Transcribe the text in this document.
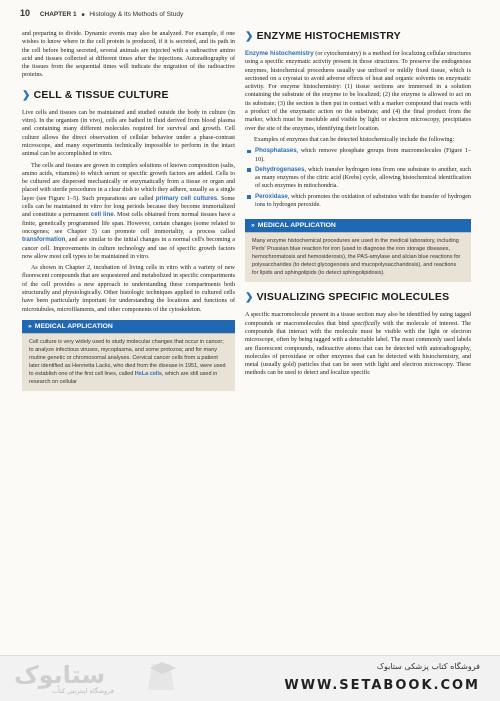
10 CHAPTER 1 ■ Histology & Its Methods of Study

and preparing to divide. Dynamic events may also be analyzed. For example, if one wishes to know where in the cell protein is produced, if it is secreted, and its path in the cell before being secreted, several animals are injected with a radioactive amino acid and tissues collected at different times after the injections. Autoradiography of the tissues from the sequential times will indicate the migration of the radioactive proteins.

❯ CELL & TISSUE CULTURE

Live cells and tissues can be maintained and studied outside the body in culture (in vitro). In the organism (in vivo), cells are bathed in fluid derived from blood plasma and containing many different molecules required for survival and growth. Cell culture allows the direct observation of cellular behavior under a phase-contrast microscope, and many experiments technically impossible to perform in the intact animal can be accomplished in vitro.

The cells and tissues are grown in complex solutions of known composition (salts, amino acids, vitamins) to which serum or specific growth factors are added. Cells to be cultured are dispersed mechanically or enzymatically from a tissue or organ and placed with sterile procedures in a clear dish to which they adhere, usually as a single layer (see Figure 1–5). Such preparations are called primary cell cultures. Some cells can be maintained in vitro for long periods because they become immortalized and constitute a permanent cell line. Most cells obtained from normal tissues have a finite, genetically programmed life span. However, certain changes (some related to oncogenes; see Chapter 3) can promote cell immortality, a process called transformation, and are similar to the initial changes in a normal cell's becoming a cancer cell. Improvements in culture technology and use of specific growth factors now allow most cell types to be maintained in vitro.

As shown in Chapter 2, incubation of living cells in vitro with a variety of new fluorescent compounds that are sequestered and metabolized in specific compartments of the cell provides a new approach to understanding these compartments both structurally and physiologically. Other histologic techniques applied to cultured cells have been particularly important for understanding the locations and functions of microtubules, microfilaments, and other components of the cytoskeleton.

» MEDICAL APPLICATION
Cell culture is very widely used to study molecular changes that occur in cancer; to analyze infectious viruses, mycoplasma, and some protozoa; and for many routine genetic or chromosomal analyses. Cervical cancer cells from a patient later identified as Henrietta Lacks, who died from the disease in 1951, were used to establish one of the first cell lines, called HeLa cells, which are still used in research on cellular
❯ ENZYME HISTOCHEMISTRY

Enzyme histochemistry (or cytochemistry) is a method for localizing cellular structures using a specific enzymatic activity present in those structures. To preserve the endogenous enzymes, histochemical procedures usually use unfixed or mildly fixed tissue, which is sectioned on a cryostat to avoid adverse effects of heat and organic solvents on enzymatic activity. For enzyme histochemistry: (1) tissue sections are immersed in a solution containing the substrate of the enzyme to be localized; (2) the enzyme is allowed to act on its substrate; (3) the section is then put in contact with a marker compound that reacts with a product of the enzymatic action on the substrate; and (4) the final product from the marker, which must be insoluble and visible by light or electron microscopy, precipitates over the site of the enzymes, identifying their location.

Examples of enzymes that can be detected histochemically include the following:

Phosphatases, which remove phosphate groups from macromolecules (Figure 1–10).
Dehydrogenases, which transfer hydrogen ions from one substrate to another, such as many enzymes of the citric acid (Krebs) cycle, allowing histochemical identification of such enzymes in mitochondria.
Peroxidase, which promotes the oxidation of substrates with the transfer of hydrogen ions to hydrogen peroxide.
» MEDICAL APPLICATION
Many enzyme histochemical procedures are used in the medical laboratory, including Perls' Prussian blue reaction for iron (used to diagnose the iron storage diseases, hemochromatosis and hemosiderosis), the PAS-amylase and alcian blue reactions for polysaccharides (to detect glycogenosis and mucopolysaccharidosis), and reactions for lipids and sphingolipids (to detect sphingolipidosis).
❯ VISUALIZING SPECIFIC MOLECULES

A specific macromolecule present in a tissue section may also be identified by using tagged compounds or macromolecules that bind specifically with the molecule of interest. The compounds that interact with the molecule must be visible with the light or electron microscope, often by being tagged with a detectable label. The most commonly used labels are fluorescent compounds, radioactive atoms that can be detected with autoradiography, molecules of peroxidase or other enzymes that can be detected with histochemistry, and metal (usually gold) particles that can be seen with light and electron microscopy. These methods can be used to detect and localize specific

ستابوک
فروشگاه اینترنتی کتاب
فروشگاه کتاب پزشکی ستابوک
WWW.SETABOOK.COM
